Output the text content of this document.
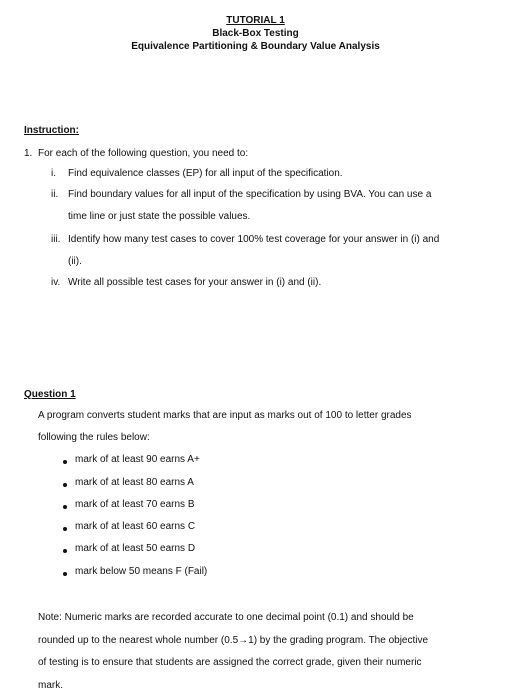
TUTORIAL 1
Black-Box Testing
Equivalence Partitioning & Boundary Value Analysis
Instruction:
1. For each of the following question, you need to:
i.	Find equivalence classes (EP) for all input of the specification.
ii. Find boundary values for all input of the specification by using BVA. You can use a
time line or just state the possible values.
iii. Identify how many test cases to cover 100% test coverage for your answer in (i) and
(ii).
iv. Write all possible test cases for your answer in (i) and (ii).
Question 1
A program converts student marks that are input as marks out of 100 to letter grades
following the rules below:
mark of at least 90 earns A+
mark of at least 80 earns A
mark of at least 70 earns B
mark of at least 60 earns C
mark of at least 50 earns D
mark below 50 means F (Fail)
Note: Numeric marks are recorded accurate to one decimal point (0.1) and should be
rounded up to the nearest whole number (0.5→1) by the grading program. The objective
of testing is to ensure that students are assigned the correct grade, given their numeric
mark.
